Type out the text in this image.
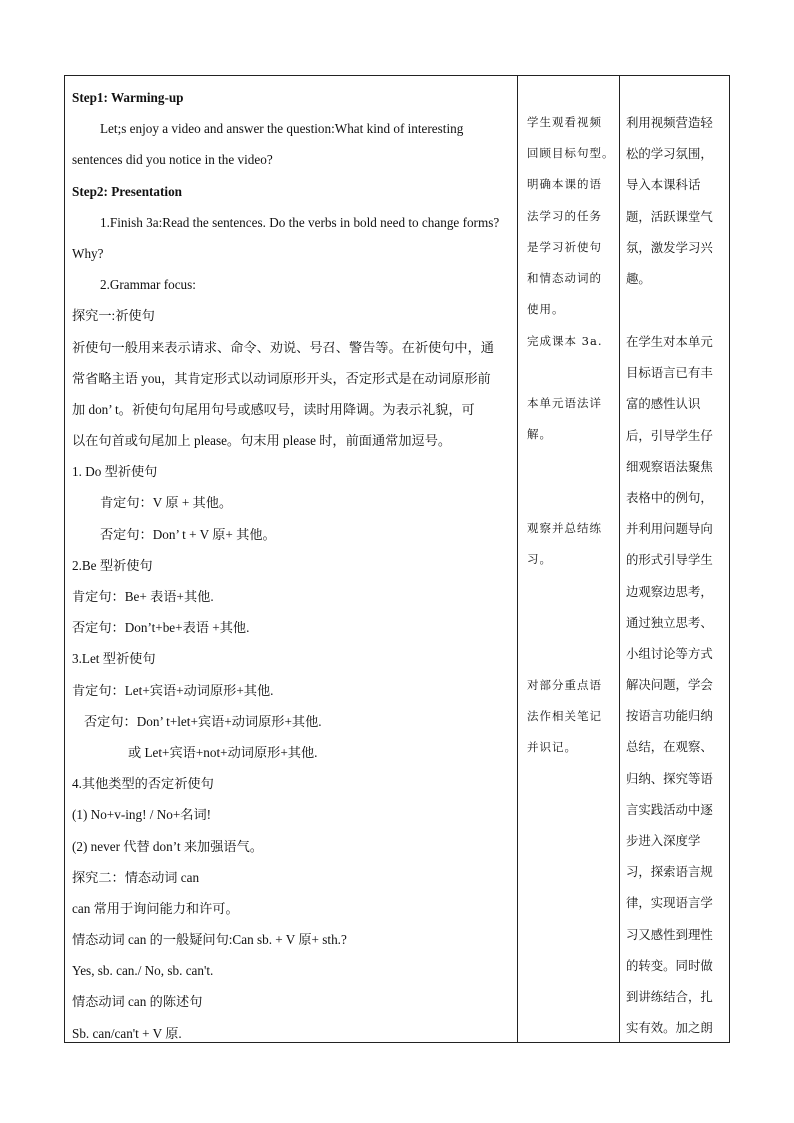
Step1: Warming-up
Let;s enjoy a video and answer the question:What kind of interesting
sentences did you notice in the video?
Step2: Presentation
1.Finish 3a:Read the sentences. Do the verbs in bold need to change forms?
Why?
2.Grammar focus:
探究一:祈使句
祈使句一般用来表示请求、命令、劝说、号召、警告等。在祈使句中，通
常省略主语 you，其肯定形式以动词原形开头，否定形式是在动词原形前
加 don’ t。祈使句句尾用句号或感叹号，读时用降调。为表示礼貌，可
以在句首或句尾加上 please。句末用 please 时，前面通常加逗号。
1. Do 型祈使句
肯定句：V 原 + 其他。
否定句：Don’ t + V 原+ 其他。
2.Be 型祈使句
肯定句：Be+ 表语+其他.
否定句：Don’t+be+表语 +其他.
3.Let 型祈使句
肯定句：Let+宾语+动词原形+其他.
否定句：Don’ t+let+宾语+动词原形+其他.
或 Let+宾语+not+动词原形+其他.
4.其他类型的否定祈使句
(1) No+v-ing! / No+名词!
(2) never 代替 don’t 来加强语气。
探究二：情态动词 can
can 常用于询问能力和许可。
情态动词 can 的一般疑问句:Can sb. + V 原+ sth.?
Yes, sb. can./ No, sb. can't.
情态动词 can 的陈述句
Sb. can/can't + V 原.
学生观看视频
回顾目标句型。
明确本课的语
法学习的任务
是学习祈使句
和情态动词的
使用。
完成课本 3a.
本单元语法详
解。
观察并总结练
习。
对部分重点语
法作相关笔记
并识记。
利用视频营造轻
松的学习氛围，
导入本课科话
题，活跃课堂气
氛，激发学习兴
趣。
在学生对本单元
目标语言已有丰
富的感性认识
后，引导学生仔
细观察语法聚焦
表格中的例句，
并利用问题导向
的形式引导学生
边观察边思考，
通过独立思考、
小组讨论等方式
解决问题，学会
按语言功能归纳
总结，在观察、
归纳、探究等语
言实践活动中逐
步进入深度学
习，探索语言规
律，实现语言学
习又感性到理性
的转变。同时做
到讲练结合，扎
实有效。加之朗
